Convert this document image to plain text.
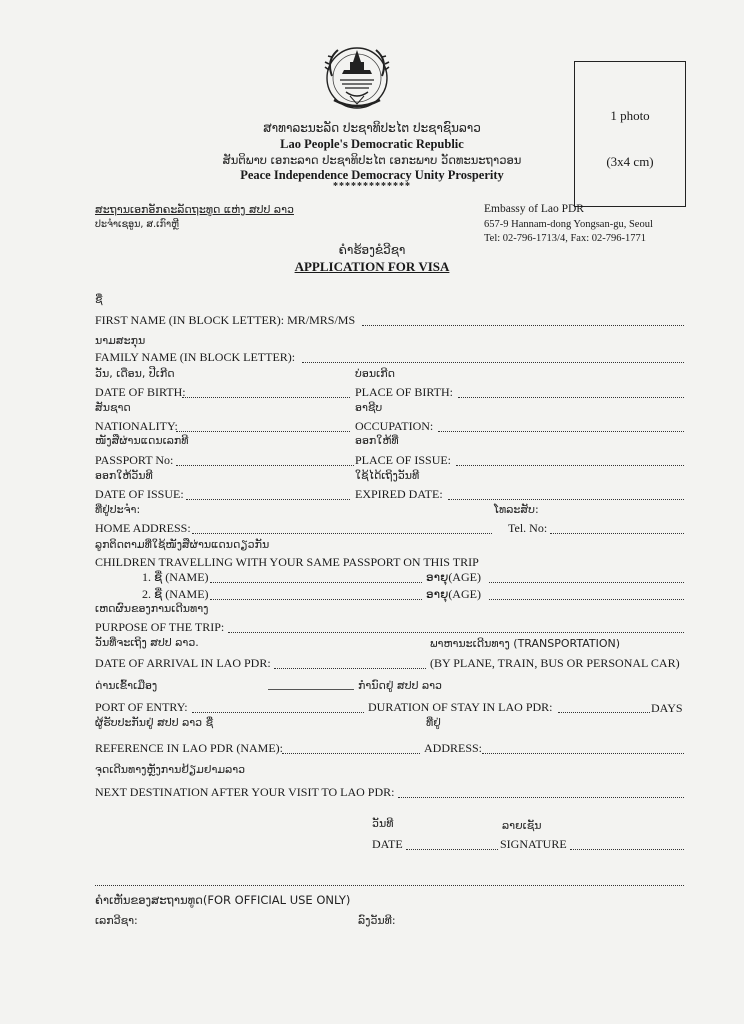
ສາທາລະນະລັດ ປະຊາທິປະໄຕ ປະຊາຊົນລາວ
Lao People's Democratic Republic
ສັນຕິພາບ ເອກະລາດ ປະຊາທິປະໄຕ ເອກະພາບ ວັດທະນະຖາວອນ
Peace Independence Democracy Unity Prosperity
*************
1 photo
(3x4 cm)
ສະຖານເອກອັກຄະລັດຖະທູດ ແຫ່ງ ສປປ ລາວ
ປະຈຳເຊອູນ, ສ.ເກົາຫຼີ
Embassy of Lao PDR
657-9 Hannam-dong Yongsan-gu, Seoul
Tel: 02-796-1713/4, Fax: 02-796-1771
ຄຳຮ້ອງຂໍວີຊາ
APPLICATION FOR VISA
ຊື່
FIRST NAME (IN BLOCK LETTER): MR/MRS/MS
ນາມສະກຸນ
FAMILY NAME (IN BLOCK LETTER):
ວັນ, ເດືອນ, ປີເກີດ	ບ່ອນເກີດ
DATE OF BIRTH:	PLACE OF BIRTH:
ສັນຊາດ	ອາຊີບ
NATIONALITY:	OCCUPATION:
ໜັງສືຜ່ານແດນເລກທີ	ອອກໃຫ້ທີ່
PASSPORT No:	PLACE OF ISSUE:
ອອກໃຫ້ວັນທີ	ໃຊ້ໄດ້ເຖິງວັນທີ
DATE OF ISSUE:	EXPIRED DATE:
ທີ່ຢູ່ປະຈຳ:	ໂທລະສັບ:
HOME ADDRESS:	Tel. No:
ລູກຕິດຕາມທີ່ໃຊ້ໜັງສືຜ່ານແດນດຽວກັນ
CHILDREN TRAVELLING WITH YOUR SAME PASSPORT ON THIS TRIP
1. ຊື່ (NAME)	ອາຍຸ(AGE)
2. ຊື່ (NAME)	ອາຍຸ(AGE)
ເຫດຜົນຂອງການເດີນທາງ
PURPOSE OF THE TRIP:
ວັນທີ່ຈະເຖິງ ສປປ ລາວ.	ພາຫານະເດີນທາງ (TRANSPORTATION)
DATE OF ARRIVAL IN LAO PDR:	(BY PLANE, TRAIN, BUS OR PERSONAL CAR)
ດ່ານເຂົ້າເມືອງ	ກຳນົດຢູ່ ສປປ ລາວ
PORT OF ENTRY:	DURATION OF STAY IN LAO PDR:	DAYS
ຜູ້ຮັບປະກັນຢູ່ ສປປ ລາວ ຊື່	ທີ່ຢູ່
REFERENCE IN LAO PDR (NAME):	ADDRESS:
ຈຸດເດີນທາງຫຼັງການຢ້ຽມຢາມລາວ
NEXT DESTINATION AFTER YOUR VISIT TO LAO PDR:
ວັນທີ	ລາຍເຊັນ
DATE	SIGNATURE
ຄຳເຫັນຂອງສະຖານທູດ(FOR OFFICIAL USE ONLY)
ເລກວີຊາ:	ລົງວັນທີ:
